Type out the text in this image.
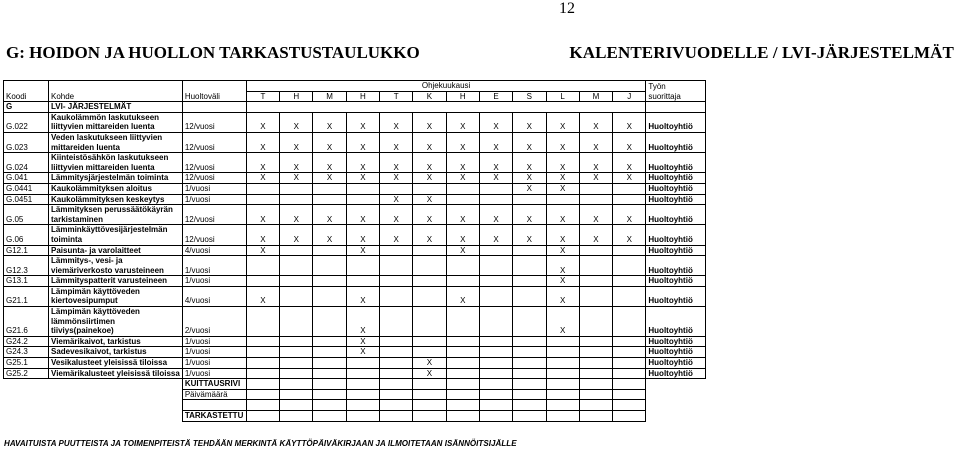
12
G: HOIDON JA HUOLLON TARKASTUSTAULUKKO	KALENTERIVUODELLE / LVI-JÄRJESTELMÄT
Koodi	Kohde	Huoltoväli	Ohjekuukausi												Työn
suorittaja
			T	H	M	H	T	K	H	E	S	L	M	J	
G	LVI- JÄRJESTELMÄT														
G.022	Kaukolämmön laskutukseen
liittyvien mittareiden luenta	12/vuosi	X	X	X	X	X	X	X	X	X	X	X	X	Huoltoyhtiö
G.023	Veden laskutukseen liittyvien
mittareiden luenta	12/vuosi	X	X	X	X	X	X	X	X	X	X	X	X	Huoltoyhtiö
G.024	Kiinteistösähkön laskutukseen
liittyvien mittareiden luenta	12/vuosi	X	X	X	X	X	X	X	X	X	X	X	X	Huoltoyhtiö
G.041	Lämmitysjärjestelmän toiminta	12/vuosi	X	X	X	X	X	X	X	X	X	X	X	X	Huoltoyhtiö
G.0441	Kaukolämmityksen aloitus	1/vuosi									X	X			Huoltoyhtiö
G.0451	Kaukolämmityksen keskeytys	1/vuosi					X	X							Huoltoyhtiö
G.05	Lämmityksen perussäätökäyrän
tarkistaminen	12/vuosi	X	X	X	X	X	X	X	X	X	X	X	X	Huoltoyhtiö
G.06	Lämminkäyttövesijärjestelmän
toiminta	12/vuosi	X	X	X	X	X	X	X	X	X	X	X	X	Huoltoyhtiö
G12.1	Paisunta- ja varolaitteet	4/vuosi	X			X			X			X			Huoltoyhtiö
G12.3	Lämmitys-, vesi- ja
viemäriverkosto varusteineen	1/vuosi										X			Huoltoyhtiö
G13.1	Lämmityspatterit varusteineen	1/vuosi										X			Huoltoyhtiö
G21.1	Lämpimän käyttöveden
kiertovesipumput	4/vuosi	X			X			X			X			Huoltoyhtiö
G21.6	Lämpimän käyttöveden
lämmönsiirtimen
tiiviys(painekoe)	2/vuosi				X						X			Huoltoyhtiö
G24.2	Viemärikaivot, tarkistus	1/vuosi				X									Huoltoyhtiö
G24.3	Sadevesikaivot, tarkistus	1/vuosi				X									Huoltoyhtiö
G25.1	Vesikalusteet yleisissä tiloissa	1/vuosi						X							Huoltoyhtiö
G25.2	Viemärikalusteet yleisissä tiloissa	1/vuosi						X							Huoltoyhtiö
		KUITTAUSRIVI													
		Päivämäärä													

		TARKASTETTU													
HAVAITUISTA PUUTTEISTA JA TOIMENPITEISTÄ TEHDÄÄN MERKINTÄ KÄYTTÖPÄIVÄKIRJAAN JA ILMOITETAAN ISÄNNÖITSIJÄLLE
